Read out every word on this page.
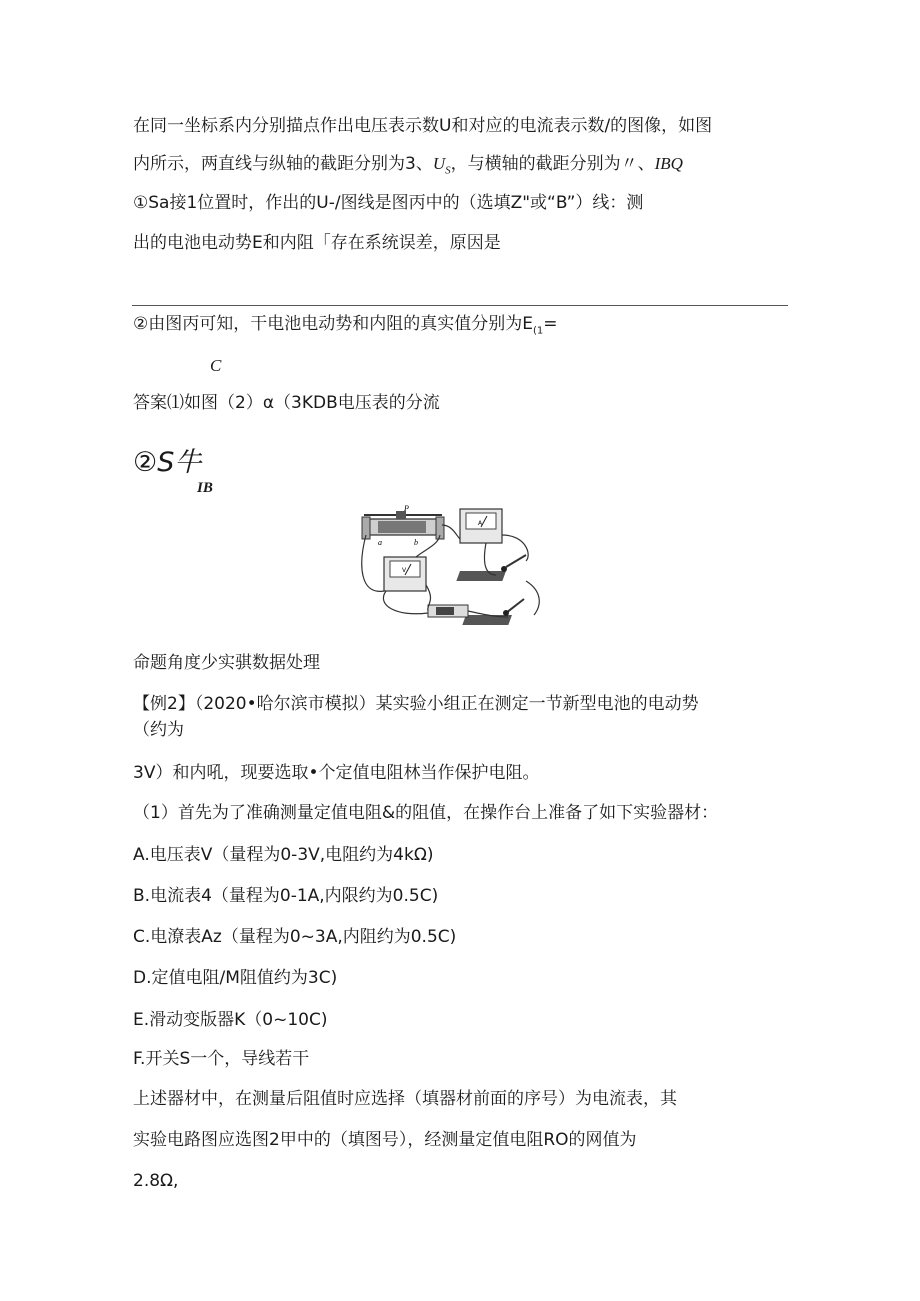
在同一坐标系内分别描点作出电压表示数U和对应的电流表示数/的图像，如图
内所示，两直线与纵轴的截距分别为3、$U_S$，与横轴的截距分别为〃、IBQ
①Sa接1位置时，作出的U-/图线是图丙中的（选填Z"或“B”）线：测
出的电池电动势E和内阻「存在系统误差，原因是
②由图丙可知，干电池电动势和内阻的真实值分别为$E_{(1}=$
C
答案⑴如图（2）α（3KDB电压表的分流
②S牛
IB
P
a	b
A
V
命题角度少实骐数据处理
【例2】（2020•哈尔滨市模拟）某实验小组正在测定一节新型电池的电动势
（约为
3V）和内吼，现要选取•个定值电阻林当作保护电阻。
（1）首先为了准确测量定值电阻&的阻值，在操作台上准备了如下实验器材：
A.电压表V（量程为0-3V,电阻约为4kΩ)
B.电流表4（量程为0-1A,内限约为0.5C)
C.电潦表Az（量程为0~3A,内阻约为0.5C)
D.定值电阻/M阻值约为3C)
E.滑动变版器K（0~10C)
F.开关S一个，导线若干
上述器材中，在测量后阻值时应选择（填器材前面的序号）为电流表，其
实验电路图应选图2甲中的（填图号），经测量定值电阻RO的网值为
2.8Ω,
